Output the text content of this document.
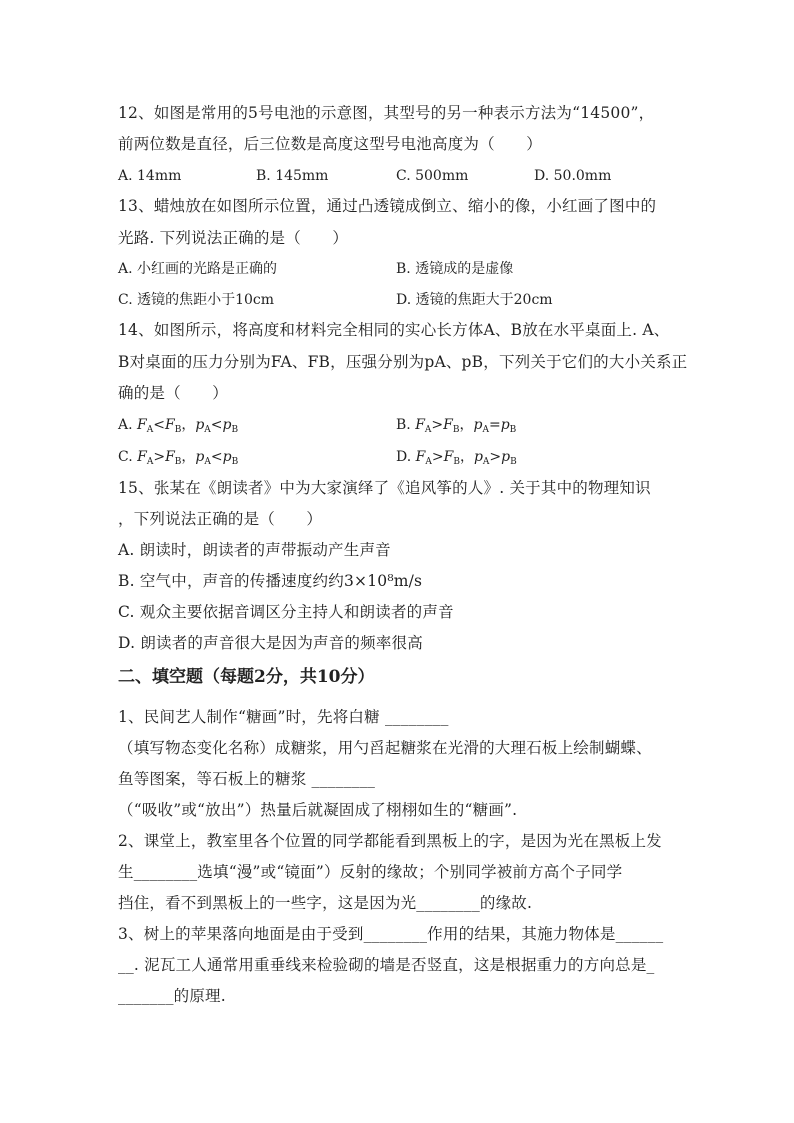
12、如图是常用的5号电池的示意图，其型号的另一种表示方法为“14500”，
前两位数是直径，后三位数是高度这型号电池高度为（　　）
A. 14mm	B. 145mm	C. 500mm	D. 50.0mm
13、蜡烛放在如图所示位置，通过凸透镜成倒立、缩小的像，小红画了图中的
光路. 下列说法正确的是（　　）
A. 小红画的光路是正确的	B. 透镜成的是虚像
C. 透镜的焦距小于10cm	D. 透镜的焦距大于20cm
14、如图所示，将高度和材料完全相同的实心长方体A、B放在水平桌面上. A、
B对桌面的压力分别为FA、FB，压强分别为pA、pB，下列关于它们的大小关系正
确的是（　　）
A. $F_A<F_B$，$p_A<p_B$	B. $F_A>F_B$，$p_A=p_B$
C. $F_A>F_B$，$p_A<p_B$	D. $F_A>F_B$，$p_A>p_B$
15、张某在《朗读者》中为大家演绎了《追风筝的人》. 关于其中的物理知识
，下列说法正确的是（　　）
A. 朗读时，朗读者的声带振动产生声音
B. 空气中，声音的传播速度约约3×10⁸m/s
C. 观众主要依据音调区分主持人和朗读者的声音
D. 朗读者的声音很大是因为声音的频率很高
二、填空题（每题2分，共10分）
1、民间艺人制作“糖画”时，先将白糖 ________
（填写物态变化名称）成糖浆，用勺舀起糖浆在光滑的大理石板上绘制蝴蝶、
鱼等图案，等石板上的糖浆 ________
（“吸收”或“放出”）热量后就凝固成了栩栩如生的“糖画”.
2、课堂上，教室里各个位置的同学都能看到黑板上的字，是因为光在黑板上发
生________选填“漫”或“镜面”）反射的缘故；个别同学被前方高个子同学
挡住，看不到黑板上的一些字，这是因为光________的缘故.
3、树上的苹果落向地面是由于受到________作用的结果，其施力物体是______
__. 泥瓦工人通常用重垂线来检验砌的墙是否竖直，这是根据重力的方向总是_
_______的原理.
